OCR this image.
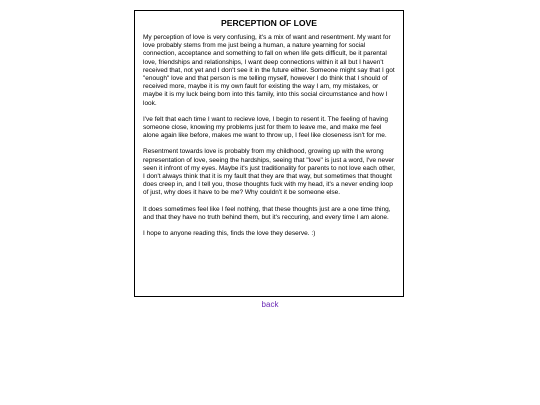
PERCEPTION OF LOVE

My perception of love is very confusing, it's a mix of want and resentment. My want for love probably stems from me just being a human, a nature yearning for social connection, acceptance and something to fall on when life gets difficult, be it parental love, friendships and relationships, I want deep connections within it all but I haven't received that, not yet and I don't see it in the future either. Someone might say that I got "enough" love and that person is me telling myself, however I do think that I should of received more, maybe it is my own fault for existing the way I am, my mistakes, or maybe it is my luck being born into this family, into this social circumstance and how I look.

I've felt that each time I want to recieve love, I begin to resent it. The feeling of having someone close, knowing my problems just for them to leave me, and make me feel alone again like before, makes me want to throw up, I feel like closeness isn't for me.

Resentment towards love is probably from my childhood, growing up with the wrong representation of love, seeing the hardships, seeing that "love" is just a word, I've never seen it infront of my eyes. Maybe it's just traditionality for parents to not love each other, I don't always think that it is my fault that they are that way, but sometimes that thought does creep in, and I tell you, those thoughts fuck with my head, it's a never ending loop of just, why does it have to be me? Why couldn't it be someone else.

It does sometimes feel like I feel nothing, that these thoughts just are a one time thing, and that they have no truth behind them, but it's reccuring, and every time I am alone.

I hope to anyone reading this, finds the love they deserve. :)

back
